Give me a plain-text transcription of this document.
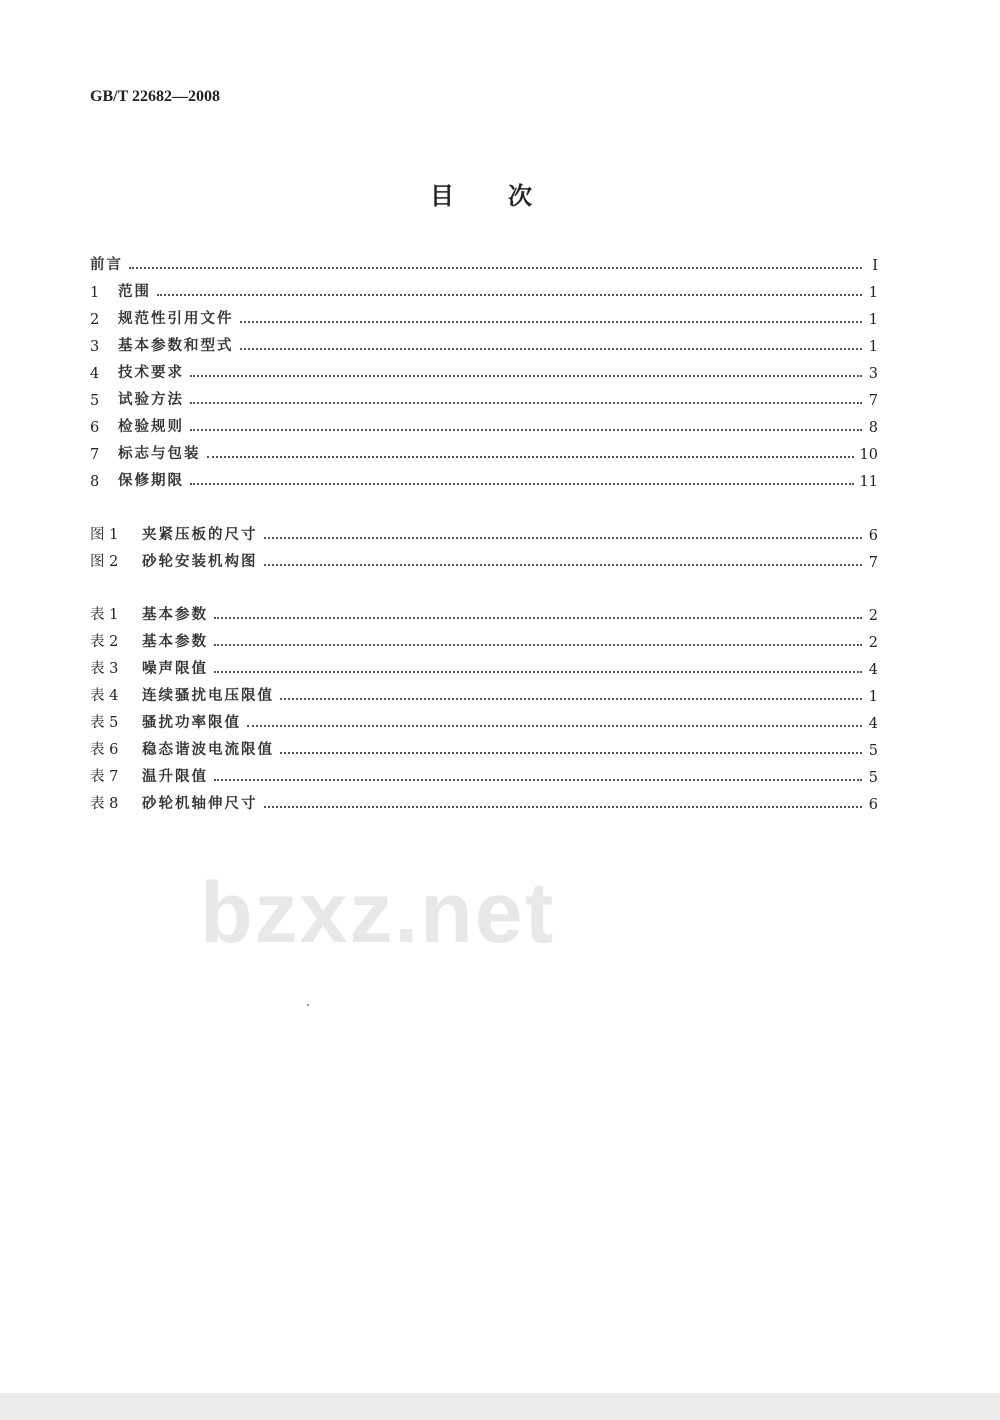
GB/T 22682—2008
目 次
前言	I
1	范围	1
2	规范性引用文件	1
3	基本参数和型式	1
4	技术要求	3
5	试验方法	7
6	检验规则	8
7	标志与包装	10
8	保修期限	11
图 1	夹紧压板的尺寸	6
图 2	砂轮安装机构图	7
表 1	基本参数	2
表 2	基本参数	2
表 3	噪声限值	4
表 4	连续骚扰电压限值	1
表 5	骚扰功率限值	4
表 6	稳态谐波电流限值	5
表 7	温升限值	5
表 8	砂轮机轴伸尺寸	6
bzxz.net
